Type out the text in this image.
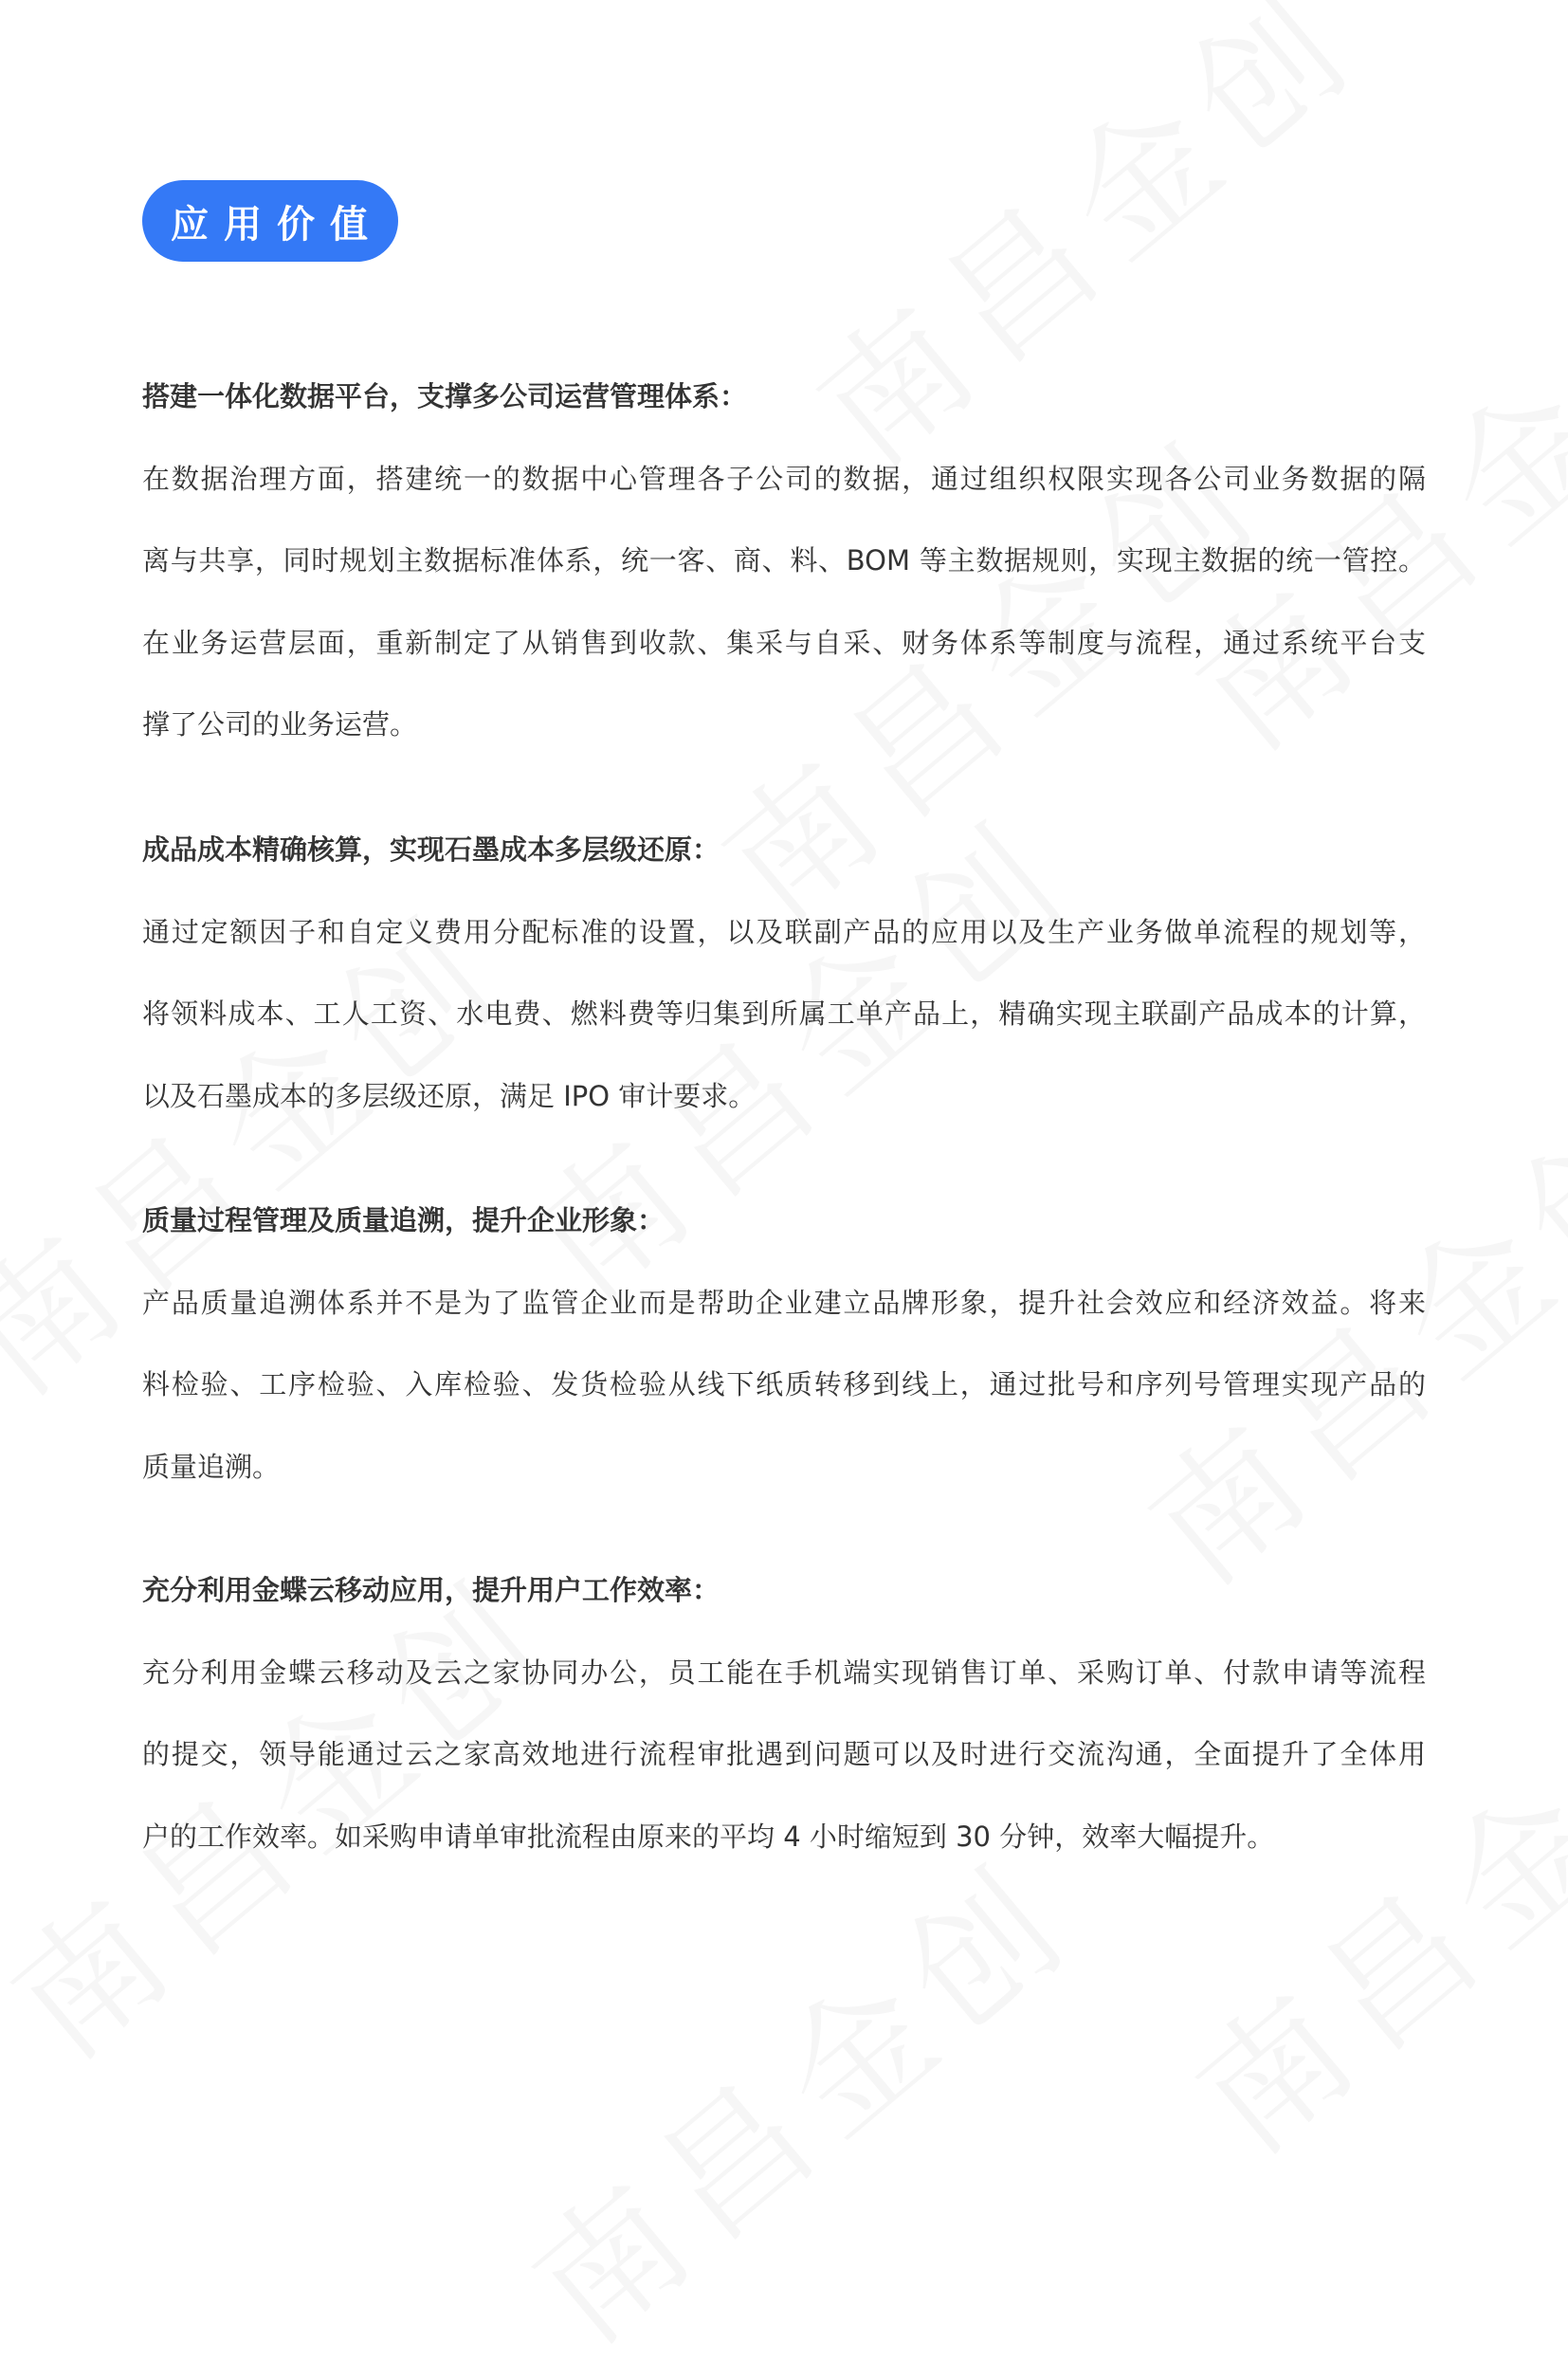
应用价值
搭建一体化数据平台，支撑多公司运营管理体系：
在数据治理方面，搭建统一的数据中心管理各子公司的数据，通过组织权限实现各公司业务数据的隔
离与共享，同时规划主数据标准体系，统一客、商、料、BOM 等主数据规则，实现主数据的统一管控。
在业务运营层面，重新制定了从销售到收款、集采与自采、财务体系等制度与流程，通过系统平台支
撑了公司的业务运营。
成品成本精确核算，实现石墨成本多层级还原：
通过定额因子和自定义费用分配标准的设置，以及联副产品的应用以及生产业务做单流程的规划等，
将领料成本、工人工资、水电费、燃料费等归集到所属工单产品上，精确实现主联副产品成本的计算，
以及石墨成本的多层级还原，满足 IPO 审计要求。
质量过程管理及质量追溯，提升企业形象：
产品质量追溯体系并不是为了监管企业而是帮助企业建立品牌形象，提升社会效应和经济效益。将来
料检验、工序检验、入库检验、发货检验从线下纸质转移到线上，通过批号和序列号管理实现产品的
质量追溯。
充分利用金蝶云移动应用，提升用户工作效率：
充分利用金蝶云移动及云之家协同办公，员工能在手机端实现销售订单、采购订单、付款申请等流程
的提交，领导能通过云之家高效地进行流程审批遇到问题可以及时进行交流沟通，全面提升了全体用
户的工作效率。如采购申请单审批流程由原来的平均 4 小时缩短到 30 分钟，效率大幅提升。
